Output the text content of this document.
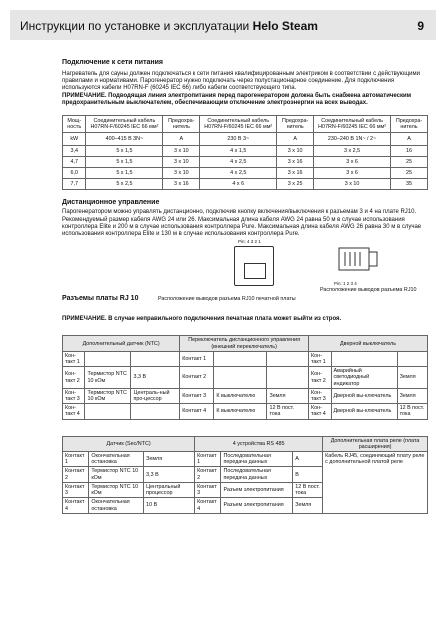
Инструкции по установке и эксплуатации Helo Steam	9
Подключение к сети питания

Нагреватель для сауны должен подключаться к сети питания квалифицированным электриком в соответствии с действующими правилами и нормативами. Парогенератор нужно подключать через полустационарное соединение. Для подключения используются кабели H07RN-F (60245 IEC 66) либо кабели соответствующего типа.

ПРИМЕЧАНИЕ. Подводящая линия электропитания перед парогенератором должна быть снабжена автоматическим предохранительным выключателем, обеспечивающим отключение электроэнергии на всех выводах.

Мощ-ность	Соединительный кабель H07RN-F/60245 IEC 66 мм²	Предохра-нитель	Соединительный кабель H07RN-F/60245 IEC 66 мм²	Предохра-нитель	Соединительный кабель H07RN-F/60245 IEC 66 мм²	Предохра-нитель
kW	400–415 В 3N~	A	230 В 3~	A	230–240 В 1N~ / 2~	A
3,4	5 x 1,5	3 x 10	4 x 1,5	3 x 10	3 x 2,5	16
4,7	5 x 1,5	3 x 10	4 x 2,5	3 x 16	3 x 6	25
6,0	5 x 1,5	3 x 10	4 x 2,5	3 x 16	3 x 6	25
7,7	5 x 2,5	3 x 16	4 x 6	3 x 25	3 x 10	35
Дистанционное управление

Парогенератором можно управлять дистанционно, подключив кнопку включения/выключения к разъемам 3 и 4 на плате RJ10. Рекомендуемый размер кабеля AWG 24 или 26. Максимальная длина кабеля AWG 24 равна 50 м в случае использования контроллера Elite и 200 м в случае использования контроллера Pure. Максимальная длина кабеля AWG 26 равна 30 м в случае использования контроллера Elite и 130 м в случае использования контроллера Pure.

Pin: 4 3 2 1
Pin: 1 2 3 4
Разъемы платы RJ 10	Расположение выводов разъема RJ10 печатной платы
Расположение выводов разъема RJ10

ПРИМЕЧАНИЕ. В случае неправильного подключения печатная плата может выйти из строя.

Дополнительный датчик (NTC)			Переключатель дистанционного управления (внешний переключатель)			Дверной выключатель		
Кон-такт 1			Контакт 1			Кон-такт 1		
Кон-такт 2	Термистор NTC 10 кОм	3,3 В	Контакт 2			Кон-такт 2	Аварийный светодиодный индикатор	Земля
Кон-такт 3	Термистор NTC 10 кОм	Централь-ный про-цессор	Контакт 3	К выключателю	Земля	Кон-такт 3	Дверной вы-ключатель	Земля
Кон-такт 4			Контакт 4	К выключателю	12 В пост. тока	Кон-такт 4	Дверной вы-ключатель	12 В пост. тока
Датчик (Sec/NTC)			4 устройства RS 485			Дополнительная плата реле (плата расширения)
Контакт 1	Окончательная остановка	Земля	Контакт 1	Последовательная передача данных	A	Кабель RJ45, соединяющий плату реле с дополнительной платой реле
Контакт 2	Термистор NTC 10 кОм	3,3 В	Контакт 2	Последовательная передача данных	B	
Контакт 3	Термистор NTC 10 кОм	Центральный процессор	Контакт 3	Разъем электропитания	12 В пост. тока	
Контакт 4	Окончательная остановка	10 В	Контакт 4	Разъем электропитания	Земля	
